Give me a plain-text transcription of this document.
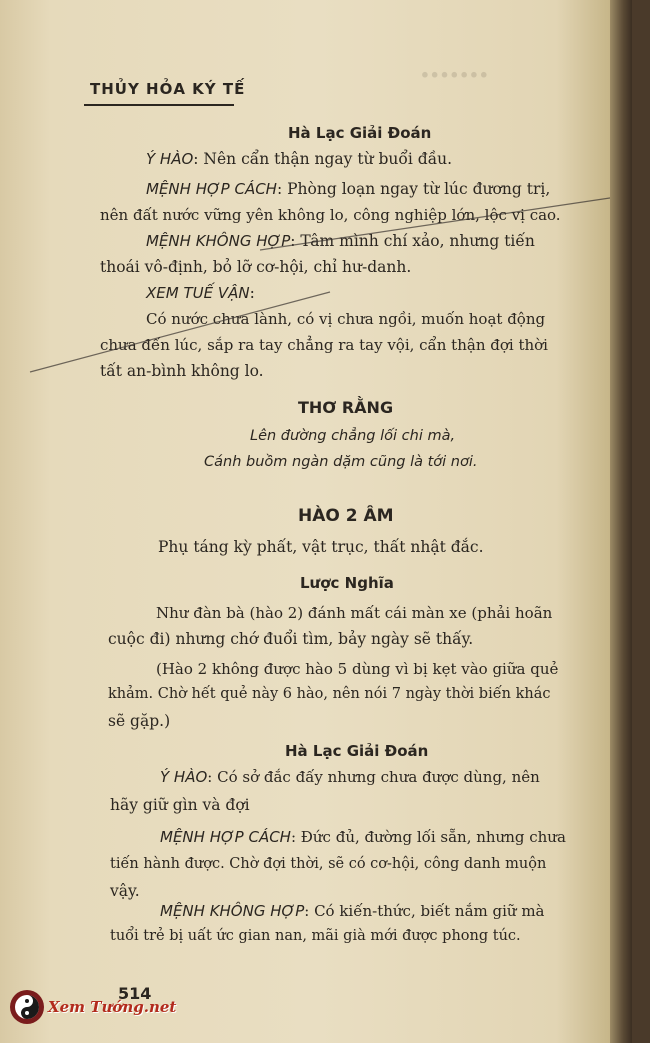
∙∙∙∙∙∙∙
THỦY HỎA KÝ TẾ
Hà Lạc Giải Đoán
Ý HÀO: Nên cẩn thận ngay từ buổi đầu.
MỆNH HỢP CÁCH: Phòng loạn ngay từ lúc đương trị,
nên đất nước vững yên không lo, công nghiệp lớn, lộc vị cao.
MỆNH KHÔNG HỢP: Tâm mình chí xảo, nhưng tiến
thoái vô-định, bỏ lỡ cơ-hội, chỉ hư-danh.
XEM TUẾ VẬN:
Có nước chưa lành, có vị chưa ngồi, muốn hoạt động
chưa đến lúc, sắp ra tay chẳng ra tay vội, cẩn thận đợi thời
tất an-bình không lo.
THƠ RẰNG
Lên đường chẳng lối chi mà,
Cánh buồm ngàn dặm cũng là tới nơi.
HÀO 2 ÂM
Phụ táng kỳ phất, vật trục, thất nhật đắc.
Lược Nghĩa
Như đàn bà (hào 2) đánh mất cái màn xe (phải hoãn
cuộc đi) nhưng chớ đuổi tìm, bảy ngày sẽ thấy.
(Hào 2 không được hào 5 dùng vì bị kẹt vào giữa quẻ
khảm. Chờ hết quẻ này 6 hào, nên nói 7 ngày thời biến khác
sẽ gặp.)
Hà Lạc Giải Đoán
Ý HÀO: Có sở đắc đấy nhưng chưa được dùng, nên
hãy giữ gìn và đợi
MỆNH HỢP CÁCH: Đức đủ, đường lối sẵn, nhưng chưa
tiến hành được. Chờ đợi thời, sẽ có cơ-hội, công danh muộn
vậy.
MỆNH KHÔNG HỢP: Có kiến-thức, biết nắm giữ mà
tuổi trẻ bị uất ức gian nan, mãi già mới được phong túc.
514
Xem Tướng.net
